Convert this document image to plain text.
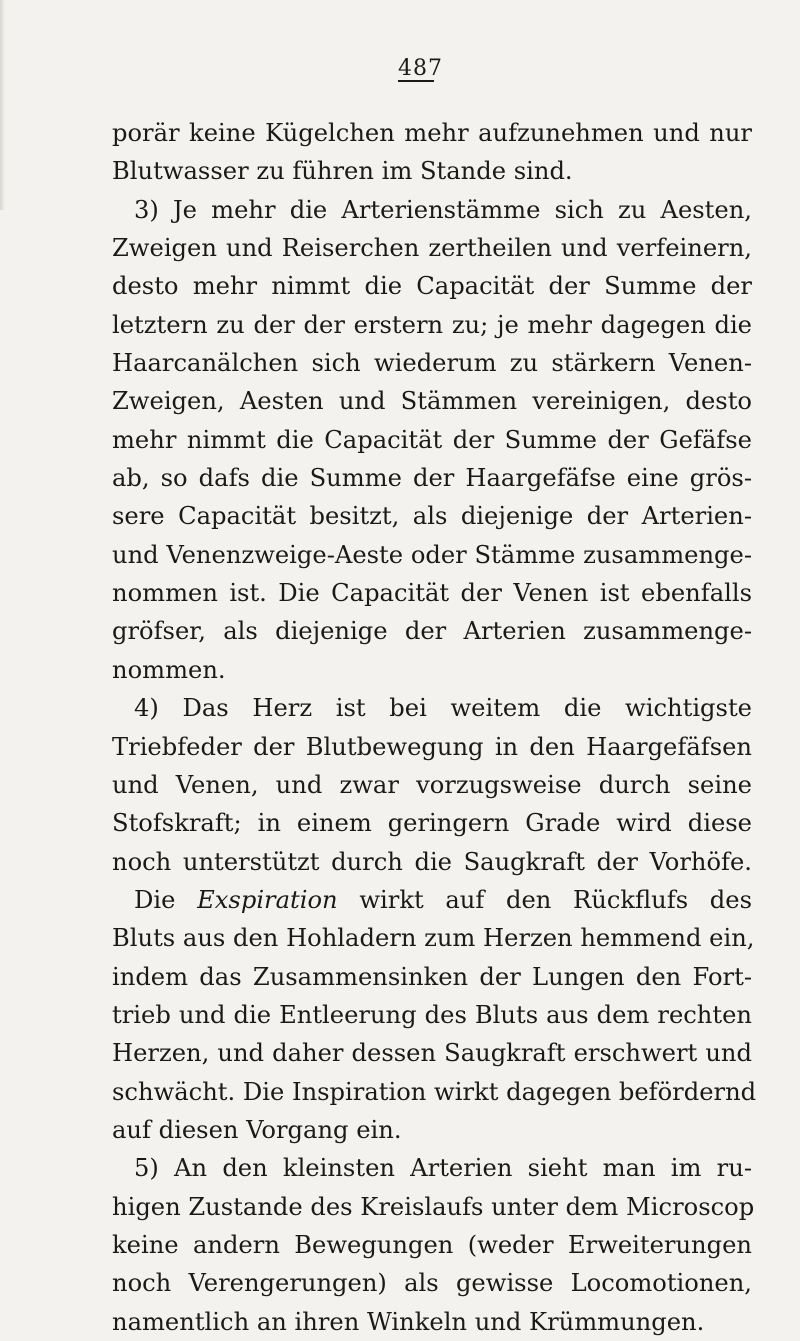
487
porär keine Kügelchen mehr aufzunehmen und nur
Blutwasser zu führen im Stande sind.
3) Je mehr die Arterienstämme sich zu Aesten,
Zweigen und Reiserchen zertheilen und verfeinern,
desto mehr nimmt die Capacität der Summe der
letztern zu der der erstern zu; je mehr dagegen die
Haarcanälchen sich wiederum zu stärkern Venen-
Zweigen, Aesten und Stämmen vereinigen, desto
mehr nimmt die Capacität der Summe der Gefäfse
ab, so dafs die Summe der Haargefäfse eine grös-
sere Capacität besitzt, als diejenige der Arterien-
und Venenzweige-Aeste oder Stämme zusammenge-
nommen ist. Die Capacität der Venen ist ebenfalls
gröfser, als diejenige der Arterien zusammenge-
nommen.
4) Das Herz ist bei weitem die wichtigste
Triebfeder der Blutbewegung in den Haargefäfsen
und Venen, und zwar vorzugsweise durch seine
Stofskraft; in einem geringern Grade wird diese
noch unterstützt durch die Saugkraft der Vorhöfe.
Die Exspiration wirkt auf den Rückflufs des
Bluts aus den Hohladern zum Herzen hemmend ein,
indem das Zusammensinken der Lungen den Fort-
trieb und die Entleerung des Bluts aus dem rechten
Herzen, und daher dessen Saugkraft erschwert und
schwächt. Die Inspiration wirkt dagegen befördernd
auf diesen Vorgang ein.
5) An den kleinsten Arterien sieht man im ru-
higen Zustande des Kreislaufs unter dem Microscop
keine andern Bewegungen (weder Erweiterungen
noch Verengerungen) als gewisse Locomotionen,
namentlich an ihren Winkeln und Krümmungen.
